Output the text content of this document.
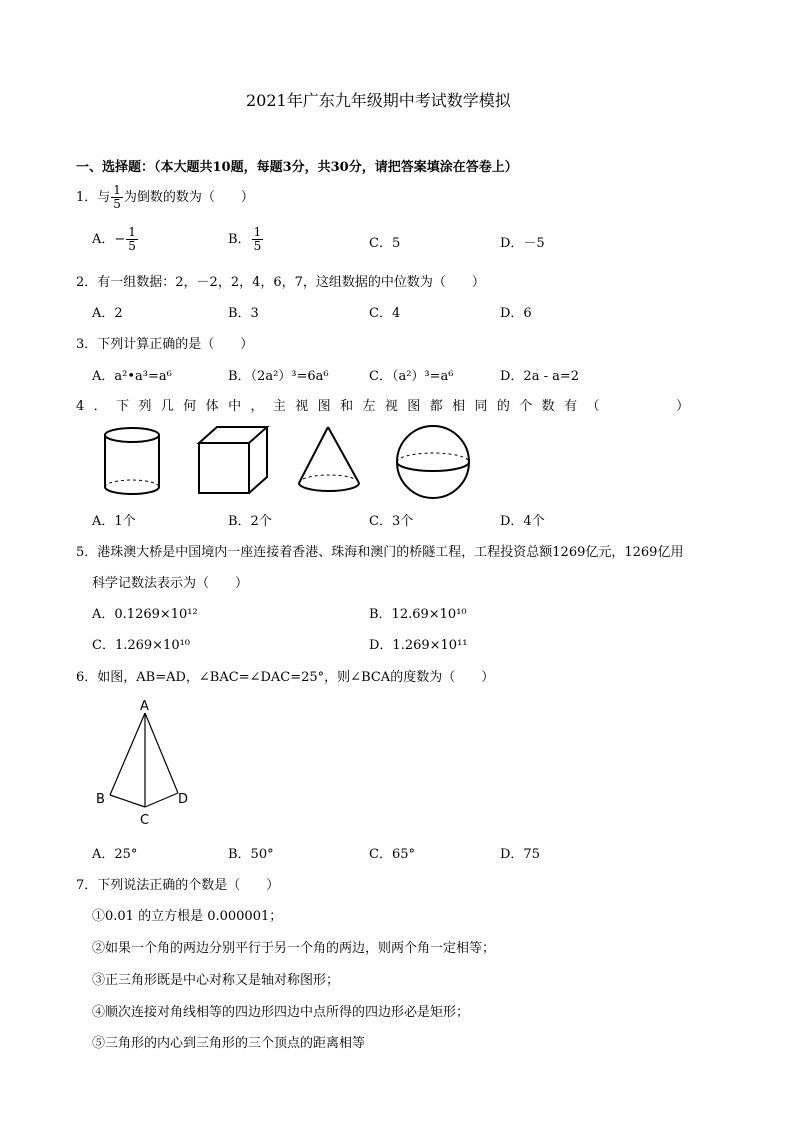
2021年广东九年级期中考试数学模拟
一、选择题：（本大题共10题，每题3分，共30分，请把答案填涂在答卷上）
1．与 $\frac{1}{5}$ 为倒数的数为（　　）
A．− $\frac{1}{5}$	B． $\frac{1}{5}$	C．5	D．－5
2．有一组数据：2，－2，2，4，6，7，这组数据的中位数为（　　）
A．2	B．3	C．4	D．6
3．下列计算正确的是（　　）
A．a²•a³=a⁶	B．（2a²）³=6a⁶	C．（a²）³=a⁶	D．2a - a=2
4．下列几何体中，主视图和左视图都相同的个数有（　　　）
A．1个	B．2个	C．3个	D．4个
5．港珠澳大桥是中国境内一座连接着香港、珠海和澳门的桥隧工程，工程投资总额1269亿元，1269亿用
科学记数法表示为（　　）
A．0.1269×10¹²	B．12.69×10¹⁰
C．1.269×10¹⁰	D．1.269×10¹¹
6．如图，AB=AD，∠BAC=∠DAC=25°，则∠BCA的度数为（　　）
A
B
C
D
A．25°	B．50°	C．65°	D．75
7．下列说法正确的个数是（　　）
①0.01 的立方根是 0.000001；
②如果一个角的两边分别平行于另一个角的两边，则两个角一定相等；
③正三角形既是中心对称又是轴对称图形；
④顺次连接对角线相等的四边形四边中点所得的四边形必是矩形；
⑤三角形的内心到三角形的三个顶点的距离相等
